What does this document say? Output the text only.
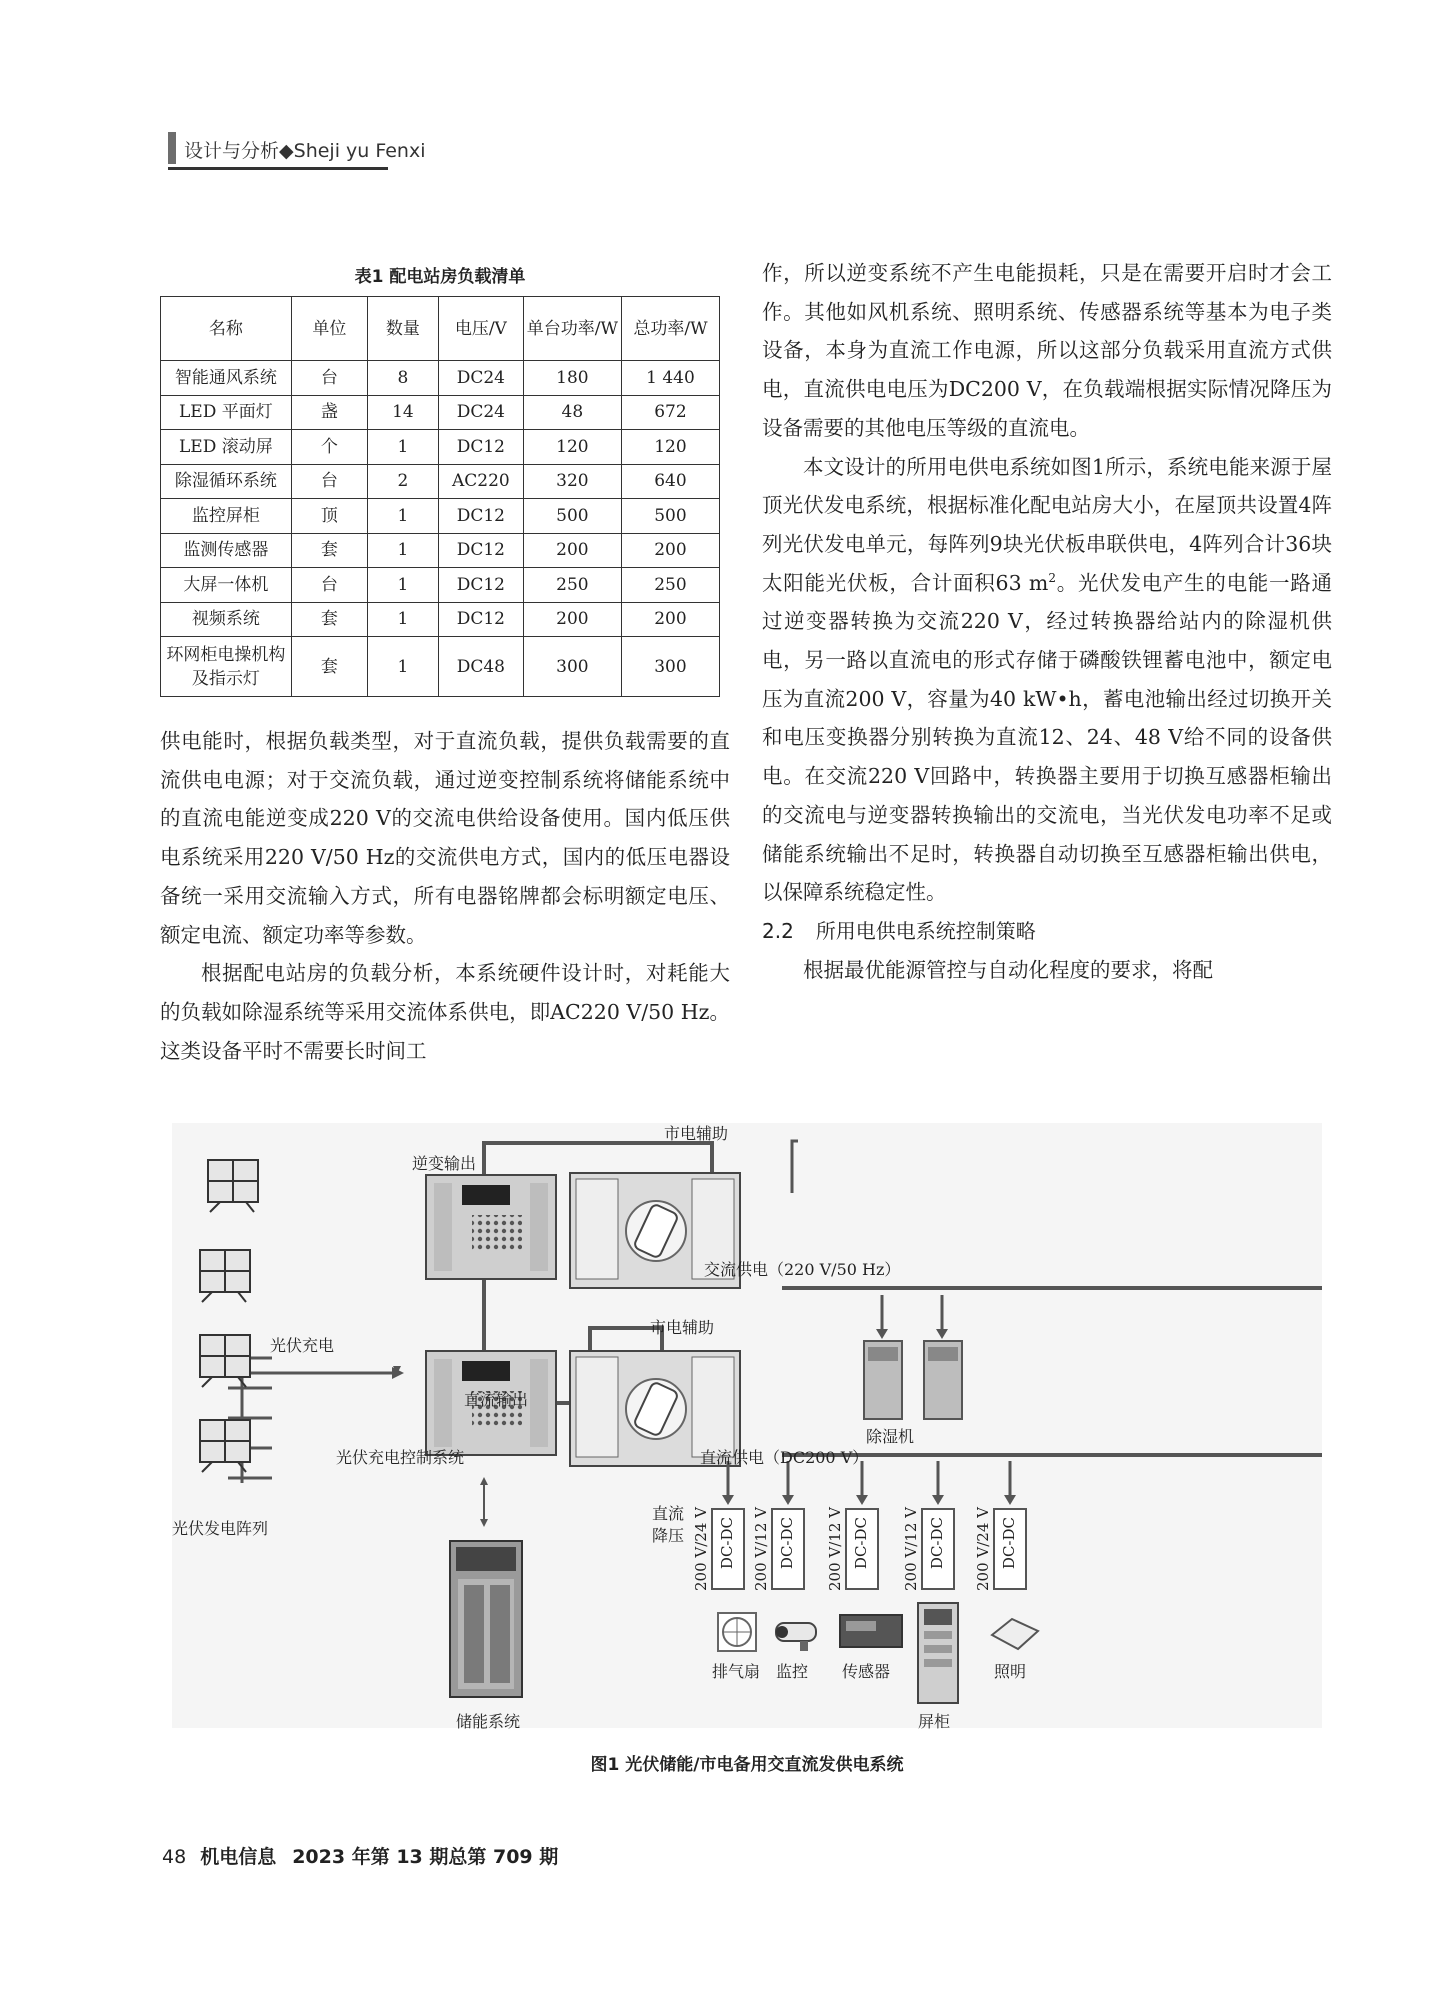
设计与分析◆Sheji yu Fenxi
表1 配电站房负载清单
名称	单位	数量	电压/V	单台功率/W	总功率/W
智能通风系统	台	8	DC24	180	1 440
LED 平面灯	盏	14	DC24	48	672
LED 滚动屏	个	1	DC12	120	120
除湿循环系统	台	2	AC220	320	640
监控屏柜	顶	1	DC12	500	500
监测传感器	套	1	DC12	200	200
大屏一体机	台	1	DC12	250	250
视频系统	套	1	DC12	200	200
环网柜电操机构及指示灯	套	1	DC48	300	300

供电能时，根据负载类型，对于直流负载，提供负载需要的直流供电电源；对于交流负载，通过逆变控制系统将储能系统中的直流电能逆变成220 V的交流电供给设备使用。国内低压供电系统采用220 V/50 Hz的交流供电方式，国内的低压电器设备统一采用交流输入方式，所有电器铭牌都会标明额定电压、额定电流、额定功率等参数。

根据配电站房的负载分析，本系统硬件设计时，对耗能大的负载如除湿系统等采用交流体系供电，即AC220 V/50 Hz。这类设备平时不需要长时间工

作，所以逆变系统不产生电能损耗，只是在需要开启时才会工作。其他如风机系统、照明系统、传感器系统等基本为电子类设备，本身为直流工作电源，所以这部分负载采用直流方式供电，直流供电电压为DC200 V，在负载端根据实际情况降压为设备需要的其他电压等级的直流电。

本文设计的所用电供电系统如图1所示，系统电能来源于屋顶光伏发电系统，根据标准化配电站房大小，在屋顶共设置4阵列光伏发电单元，每阵列9块光伏板串联供电，4阵列合计36块太阳能光伏板，合计面积63 $m^2$。光伏发电产生的电能一路通过逆变器转换为交流220 V，经过转换器给站内的除湿机供电，另一路以直流电的形式存储于磷酸铁锂蓄电池中，额定电压为直流200 V，容量为40 kW•h，蓄电池输出经过切换开关和电压变换器分别转换为直流12、24、48 V给不同的设备供电。在交流220 V回路中，转换器主要用于切换互感器柜输出的交流电与逆变器转换输出的交流电，当光伏发电功率不足或储能系统输出不足时，转换器自动切换至互感器柜输出供电，以保障系统稳定性。

2.2 所用电供电系统控制策略

根据最优能源管控与自动化程度的要求，将配

逆变输出
市电辅助
交流供电（220 V/50 Hz）
光伏充电
市电辅助
直流输出
光伏充电控制系统
除湿机
直流供电（DC200 V）
光伏发电阵列
直流
降压
储能系统	屏柜
200 V/24 V DC-DC 200 V/12 V DC-DC 200 V/12 V DC-DC 200 V/12 V DC-DC 200 V/24 V DC-DC
排气扇 监控 传感器	照明
图1 光伏储能/市电备用交直流发供电系统
48 机电信息 2023 年第 13 期总第 709 期
